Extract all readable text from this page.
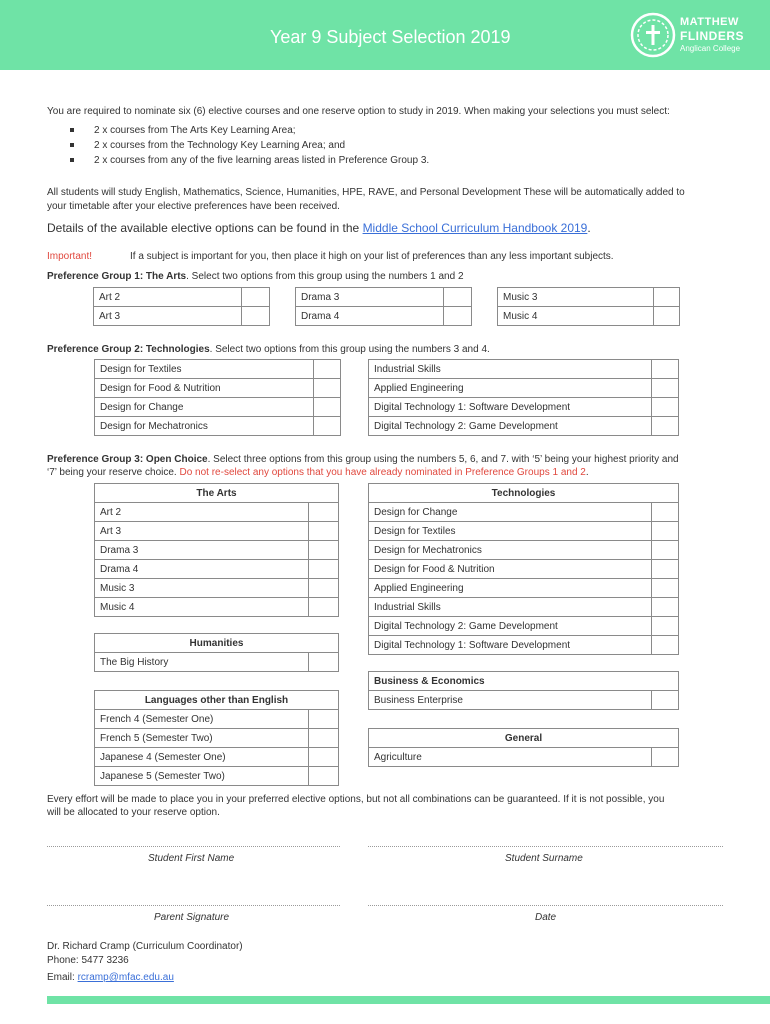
Year 9 Subject Selection 2019
MATTHEW
FLINDERS
Anglican College
You are required to nominate six (6) elective courses and one reserve option to study in 2019. When making your selections you must select:
2 x courses from The Arts Key Learning Area;
2 x courses from the Technology Key Learning Area; and
2 x courses from any of the five learning areas listed in Preference Group 3.
All students will study English, Mathematics, Science, Humanities, HPE, RAVE, and Personal Development These will be automatically added to
your timetable after your elective preferences have been received.
Details of the available elective options can be found in the Middle School Curriculum Handbook 2019.
Important!	If a subject is important for you, then place it high on your list of preferences than any less important subjects.
Preference Group 1: The Arts. Select two options from this group using the numbers 1 and 2
Art 2	
Art 3	
Drama 3	
Drama 4	
Music 3	
Music 4	
Preference Group 2: Technologies. Select two options from this group using the numbers 3 and 4.
Design for Textiles	
Design for Food & Nutrition	
Design for Change	
Design for Mechatronics	
Industrial Skills	
Applied Engineering	
Digital Technology 1: Software Development	
Digital Technology 2: Game Development	
Preference Group 3: Open Choice. Select three options from this group using the numbers 5, 6, and 7. with ‘5’ being your highest priority and
‘7’ being your reserve choice. Do not re-select any options that you have already nominated in Preference Groups 1 and 2.
The Arts	
Art 2	
Art 3	
Drama 3	
Drama 4	
Music 3	
Music 4	
Humanities
The Big History	
Languages other than English	
French 4 (Semester One)	
French 5 (Semester Two)	
Japanese 4 (Semester One)	
Japanese 5 (Semester Two)	
Technologies	
Design for Change	
Design for Textiles	
Design for Mechatronics	
Design for Food & Nutrition	
Applied Engineering	
Industrial Skills	
Digital Technology 2: Game Development	
Digital Technology 1: Software Development	
Business & Economics
Business Enterprise	
General
Agriculture	
Every effort will be made to place you in your preferred elective options, but not all combinations can be guaranteed. If it is not possible, you
will be allocated to your reserve option.
Student First Name	Student Surname
Parent Signature	Date
Dr. Richard Cramp (Curriculum Coordinator)
Phone: 5477 3236
Email: rcramp@mfac.edu.au
